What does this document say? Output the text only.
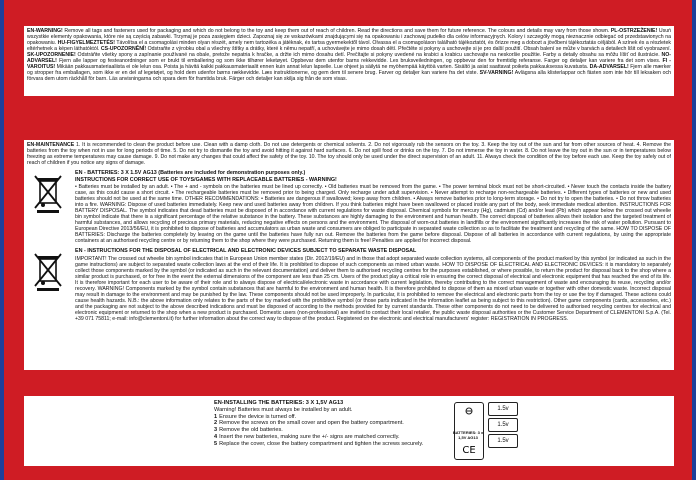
EN-WARNING! Remove all tags and fasteners used for packaging and which do not belong to the toy and keep them out of reach of children. Read the directions and save them for future reference. The colours and details may vary from those shown. PL-OSTRZEŻENIE! Usuń wszystkie elementy opakowania, które nie są częścią zabawki. Trzymaj je poza zasięgiem dzieci. Zapoznaj się ze wskazówkami znajdującymi się na opakowaniu i zachowaj pudełko dla celów informacyjnych. Kolory i szczegóły mogą nieznacznie odbiegać od przedstawionych na opakowaniu. HU-FIGYELMEZTETÉS! Távolítsa el a csomagolási minden olyan részét, amely nem tartozéka a játéknak, és tartsa gyermekektől távol. Olvassa el a csomagoláson található tájékoztatót, és őrizze meg a dobozt a jövőbeni tájékoztatás céljából. A színek és a részletek eltérhetnek a képen láthatóktól. CS-UPOZORNĚNÍ! Odstraňte z výrobku obal a všechny štítky a drátky, které k němu nepatří, a uchovávejte je mimo dosah dětí. Přečtěte si pokyny a uschovejte si je pro další použití. Obsah balení se může v barvách a detailech lišit od vyobrazení. SK-UPOZORNENIE! Odstráňte všetky spony a zapínanie používané na obale, pretože nepatria k hračke, a držte ich mimo dosahu detí. Prečítajte si pokyny uvedené na krabici a krabicu uschovajte na neskoršie použitie. Farby a detaily obsahu sa môžu líšiť od ilustrácie. NO-ADVARSEL! Fjern alle lapper og festeanordninger som er brukt til emballering og som ikke tilhører leketøyet. Oppbevar dem utenfor barns rekkevidde. Les bruksveiledningen, og oppbevar den for fremtidig referanse. Farger og detaljer kan variere fra det som vises. FI - VAROITUS! Mikään pakkausmateriaaliista ei ole lelun osa. Poista ja hävitä kaikki pakkausmateriaalit ennen kuin annat lelun lapselle. Lue ohjeet ja säilytä ne myöhempää käyttöä varten. Sisältö ja asiat saattavat poiketa pakkauksessa kuvatusta. DA-ADVARSEL! Fjern alle mærker og stropper fra emballagen, som ikke er en del af legetøjet, og hold dem udenfor børns rækkevidde. Læs instruktionerne, og gem dem til senere brug. Farver og detaljer kan variere fra det viste. SV-VARNING! Avlägsna alla klisterlappar och fästen som inte hör till leksaken och förvara dem utom räckhåll för barn. Läs anvisningarna och spara dem för framtida bruk. Färger och detaljer kan skilja sig från de som visas.

EN-MAINTENANCE 1. It is recommended to clean the product before use. Clean with a damp cloth. Do not use detergents or chemical solvents. 2. Do not vigorously rub the sensors on the toy. 3. Keep the toy out of the sun and far from other sources of heat. 4. Remove the batteries from the toy when not in use for long periods of time. 5. Do not try to dismantle the toy and avoid hitting it against hard surfaces. 6. Do not spill food or drinks on the toy. 7. Do not immerse the toy in water. 8. Do not leave the toy out in the sun or in temperatures below freezing as extreme temperatures may cause damage. 9. Do not make any changes that could affect the safety of the toy. 10. The toy should only be used under the direct supervision of an adult. 11. Always check the condition of the toy before each use. Keep the toy safely out of reach of children if you notice any signs of damage.

EN - BATTERIES: 3 X 1.5V AG13 (Batteries are included for demonstration purposes only.)
INSTRUCTIONS FOR CORRECT USE OF TOYS/GAMES WITH REPLACEABLE BATTERIES - WARNING!
• Batteries must be installed by an adult. • The + and - symbols on the batteries must be lined up correctly. • Old batteries must be removed from the game. • The power terminal block must not be short-circuited. • Never touch the contacts inside the battery case, as this could cause a short circuit. • The rechargeable batteries must be removed prior to being charged. Only recharge under adult supervision. • Never attempt to recharge non-rechargeable batteries. • Different types of batteries or new and used batteries should not be used at the same time. OTHER RECOMMENDATIONS: • Batteries are dangerous if swallowed; keep away from children. • Always remove batteries prior to long-term storage. • Do not try to open the batteries. • Do not throw batteries into a fire. WARNING: Dispose of used batteries immediately. Keep new and used batteries away from children. If you think batteries might have been swallowed or placed inside any part of the body, seek immediate medical attention. INSTRUCTIONS FOR BATTERY DISPOSAL. The symbol indicates that dead batteries must be disposed of in accordance with current regulations for waste disposal. Chemical symbols for mercury (Hg), cadmium (Cd) and/or lead (Pb) which appear below the crossed out wheelie bin symbol indicate that there is a significant percentage of the relative substance in the battery. These substances are highly damaging to the environment and human health. The correct disposal of batteries allows their isolation and the targeted treatment of harmful substances, and allows recycling of precious primary materials, reducing negative effects on persons and the environment. The disposal of worn-out batteries in landfills or the environment significantly increases the risk of water pollution. Pursuant to European Directive 2013/56/EU, it is prohibited to dispose of batteries and accumulators as urban waste and consumers are obliged to participate in separated waste collection so as to facilitate the treatment and recycling of the same. HOW TO DISPOSE OF BATTERIES: Discharge the batteries completely by leaving on the game until the batteries have fully run out. Remove the batteries from the game before disposal. Dispose of all batteries in accordance with current regulations, by using the appropriate containers at an authorised recycling centre or by returning them to the shop where they were purchased. Returning them is free! Penalties are applied for incorrect disposal.
EN - INSTRUCTIONS FOR THE DISPOSAL OF ELECTRICAL AND ELECTRONIC DEVICES SUBJECT TO SEPARATE WASTE DISPOSAL
IMPORTANT! The crossed out wheelie bin symbol indicates that in European Union member states (Dir. 2012/19/EU) and in those that adopt separated waste collection systems, all components of the product marked by this symbol (or indicated as such in the game instructions) are subject to separated waste collection laws at the end of their life. It is prohibited to dispose of such components as mixed urban waste. HOW TO DISPOSE OF ELECTRICAL AND ELECTRONIC DEVICES: it is mandatory to separately collect those components marked by the symbol (or indicated as such in the relevant documentation) and deliver them to authorised recycling centres for the purposes established, or where possible, to return the product for disposal back to the shop where a similar product is purchased, or for free in the event the external dimensions of the component are less than 25 cm. Users of the product play a critical role in ensuring the correct disposal of electrical and electronic equipment that has reached the end of its life. It is therefore important for each user to be aware of their role and to always dispose of electrical/electronic waste in accordance with current legislation, thereby contributing to the correct management of waste and encouraging its reuse, recycling and/or recovery. WARNING! Components marked by the symbol contain substances that are harmful to the environment and human health. It is therefore prohibited to dispose of them as mixed urban waste or together with other domestic waste. Incorrect disposal may result in damage to the environment and may be punished by the law. These components should not be used improperly. In particular, it is prohibited to remove the electrical and electronic parts from the toy or use the toy if damaged. These actions could cause health hazards. N.B.: the above information only relates to the parts of the toy marked with the prohibitive symbol (or those parts indicated in the information leaflet as being subject to this restriction). Other game components (cards, accessories, etc.) and the packaging are not subject to the above described indications and must be disposed of according to the methods provided for by current standards. These other components do not need to be delivered to authorised recycling centres for electrical and electronic equipment or returned to the shop when a new product is purchased. Domestic users (non-professional) are invited to contact their local retailer, the public waste disposal authorities or the Customer Service Department of CLEMENTONI S.p.A. (Tel. +39 071 75811; e-mail: info@clementoni.it) for further information about the correct way to dispose of the product. Registered on the electronic and electrical manufacturers' register: REGISTRATION IN PROGRESS.
EN-INSTALLING THE BATTERIES: 3 X 1,5V AG13
Warning! Batteries must always be installed by an adult.
1 Ensure the device is turned off.
2 Remove the screws on the small cover and open the battery compartment.
3 Remove the old batteries.
4 Insert the new batteries, making sure the +/- signs are matched correctly.
5 Replace the cover, close the battery compartment and tighten the screws securely.
CE
BATTERIES: 3 x 1,5V AG13
1.5v
1.5v
1.5v
